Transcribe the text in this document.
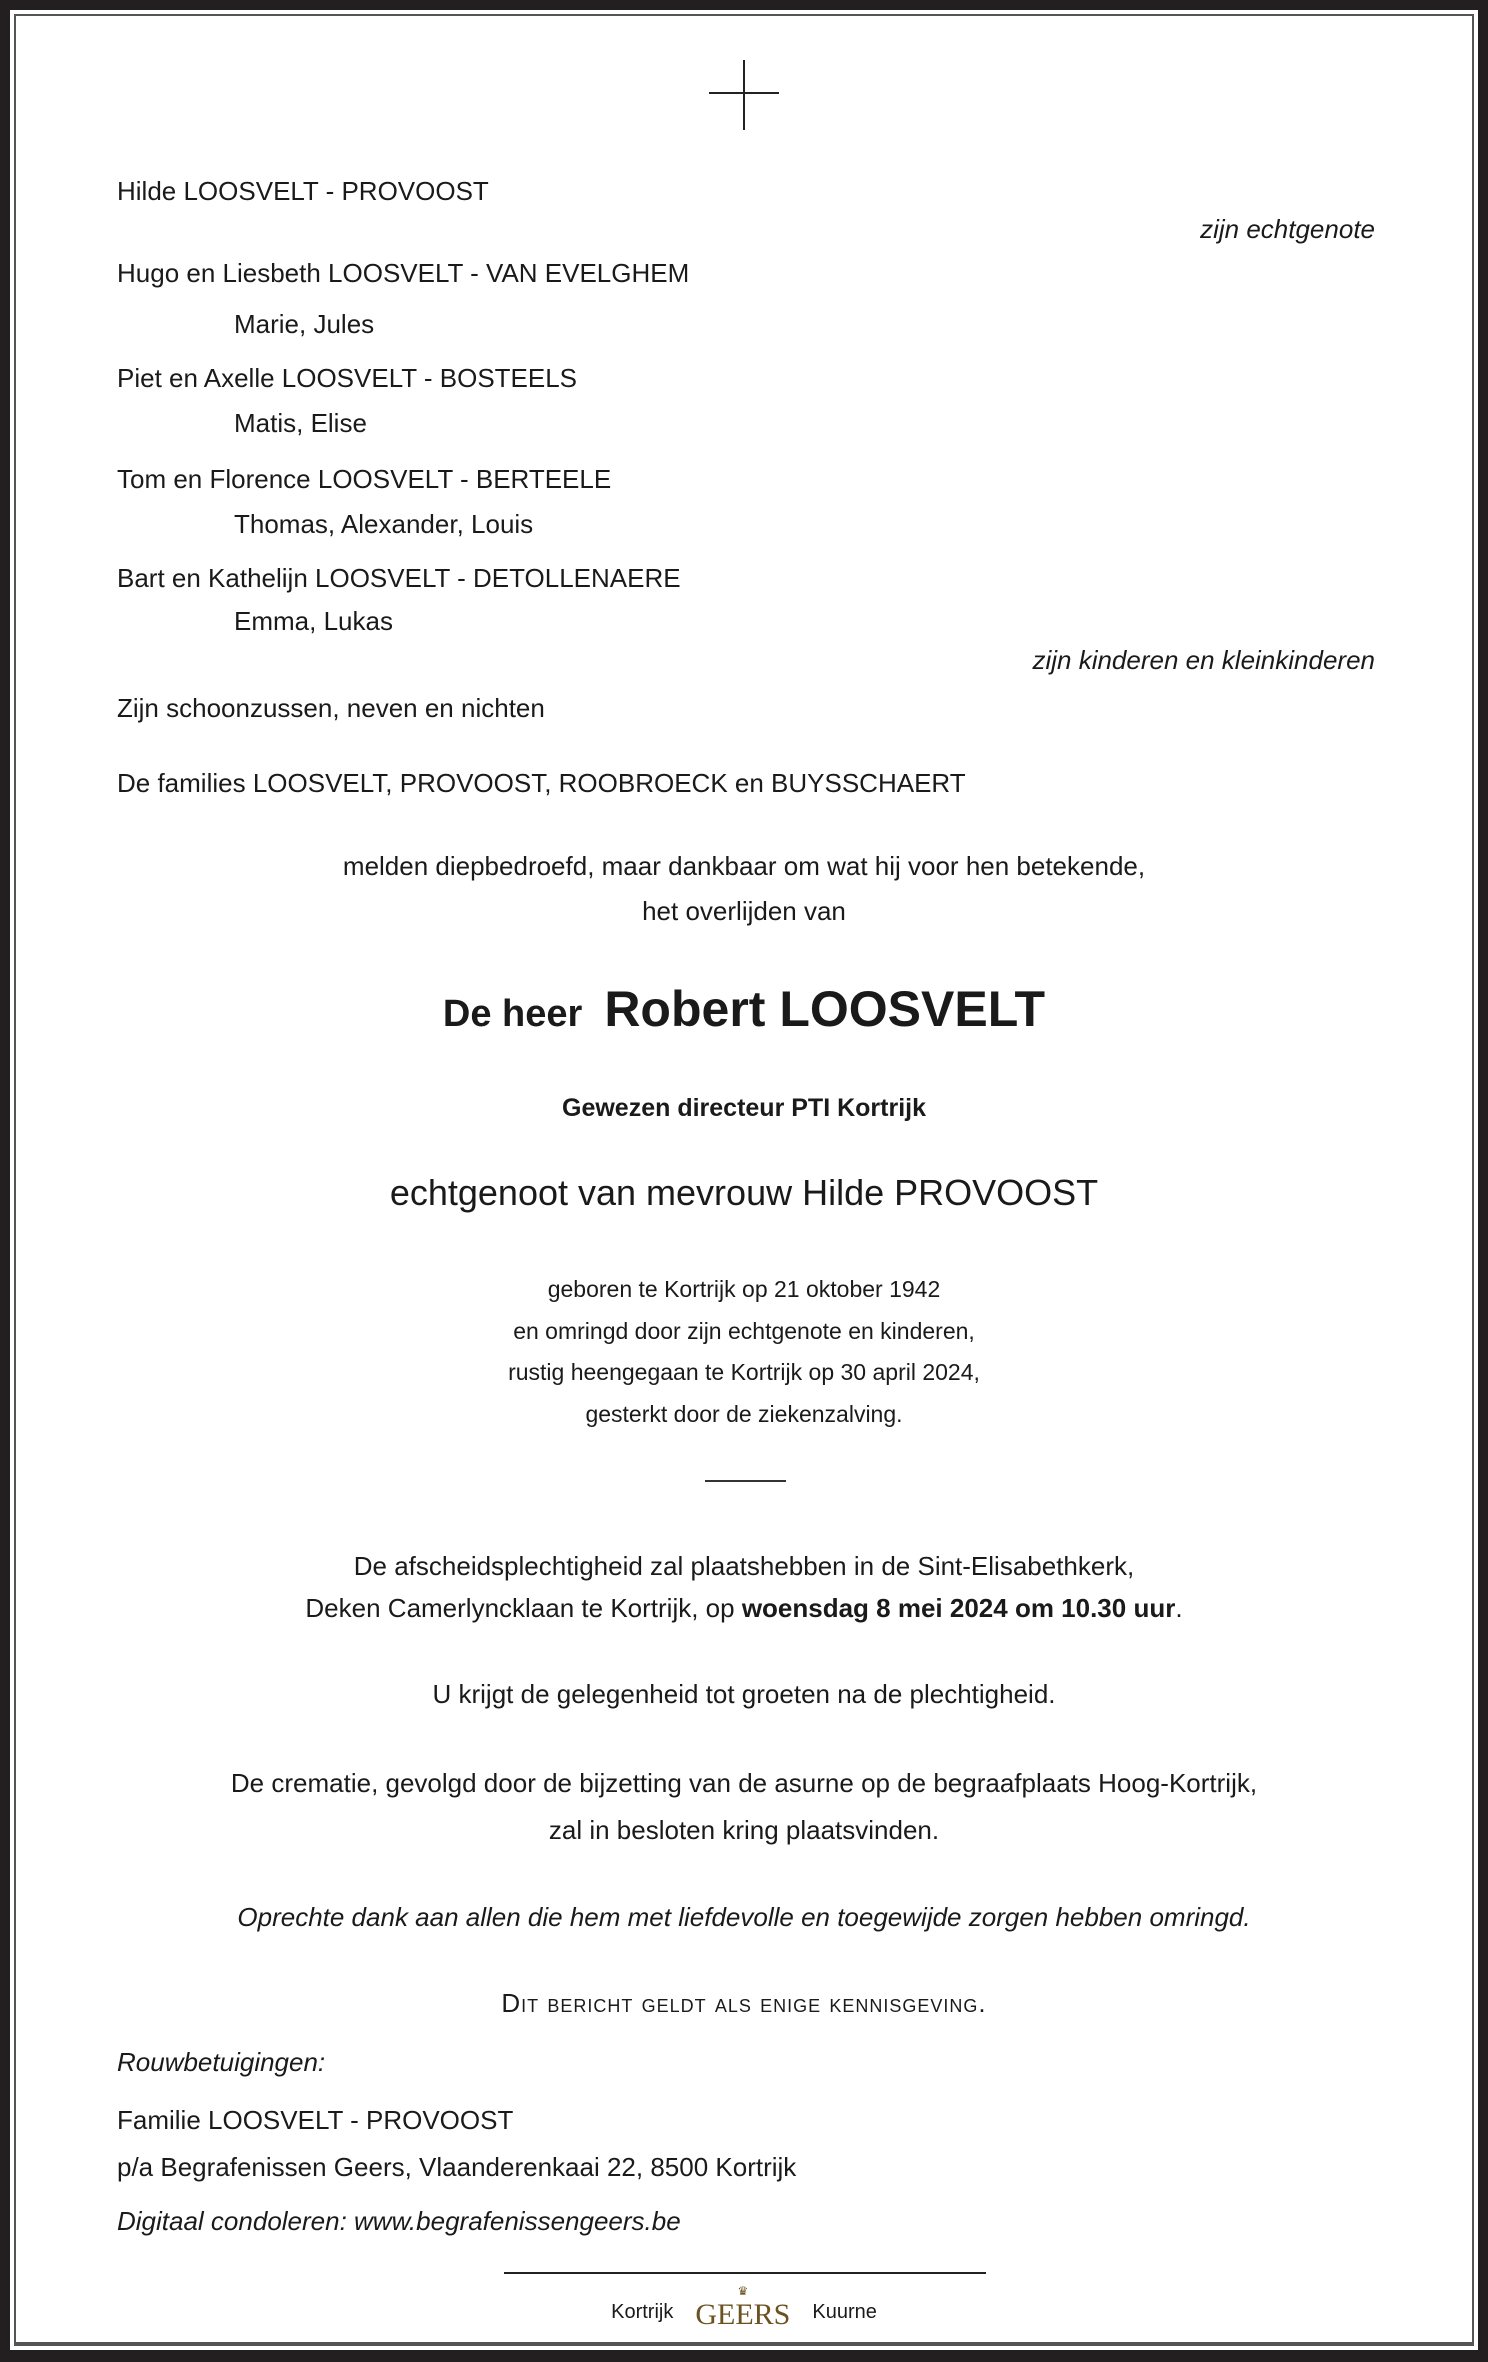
Hilde LOOSVELT - PROVOOST
zijn echtgenote
Hugo en Liesbeth LOOSVELT - VAN EVELGHEM
Marie, Jules
Piet en Axelle LOOSVELT - BOSTEELS
Matis, Elise
Tom en Florence LOOSVELT - BERTEELE
Thomas, Alexander, Louis
Bart en Kathelijn LOOSVELT - DETOLLENAERE
Emma, Lukas
zijn kinderen en kleinkinderen
Zijn schoonzussen, neven en nichten
De families LOOSVELT, PROVOOST, ROOBROECK en BUYSSCHAERT
melden diepbedroefd, maar dankbaar om wat hij voor hen betekende,
het overlijden van
De heer Robert LOOSVELT
Gewezen directeur PTI Kortrijk
echtgenoot van mevrouw Hilde PROVOOST
geboren te Kortrijk op 21 oktober 1942
en omringd door zijn echtgenote en kinderen,
rustig heengegaan te Kortrijk op 30 april 2024,
gesterkt door de ziekenzalving.
De afscheidsplechtigheid zal plaatshebben in de Sint-Elisabethkerk,
Deken Camerlyncklaan te Kortrijk, op woensdag 8 mei 2024 om 10.30 uur.
U krijgt de gelegenheid tot groeten na de plechtigheid.
De crematie, gevolgd door de bijzetting van de asurne op de begraafplaats Hoog-Kortrijk,
zal in besloten kring plaatsvinden.
Oprechte dank aan allen die hem met liefdevolle en toegewijde zorgen hebben omringd.
Dit bericht geldt als enige kennisgeving.
Rouwbetuigingen:
Familie LOOSVELT - PROVOOST
p/a Begrafenissen Geers, Vlaanderenkaai 22, 8500 Kortrijk
Digitaal condoleren: www.begrafenissengeers.be
Kortrijk
♛
GEERS Kuurne
